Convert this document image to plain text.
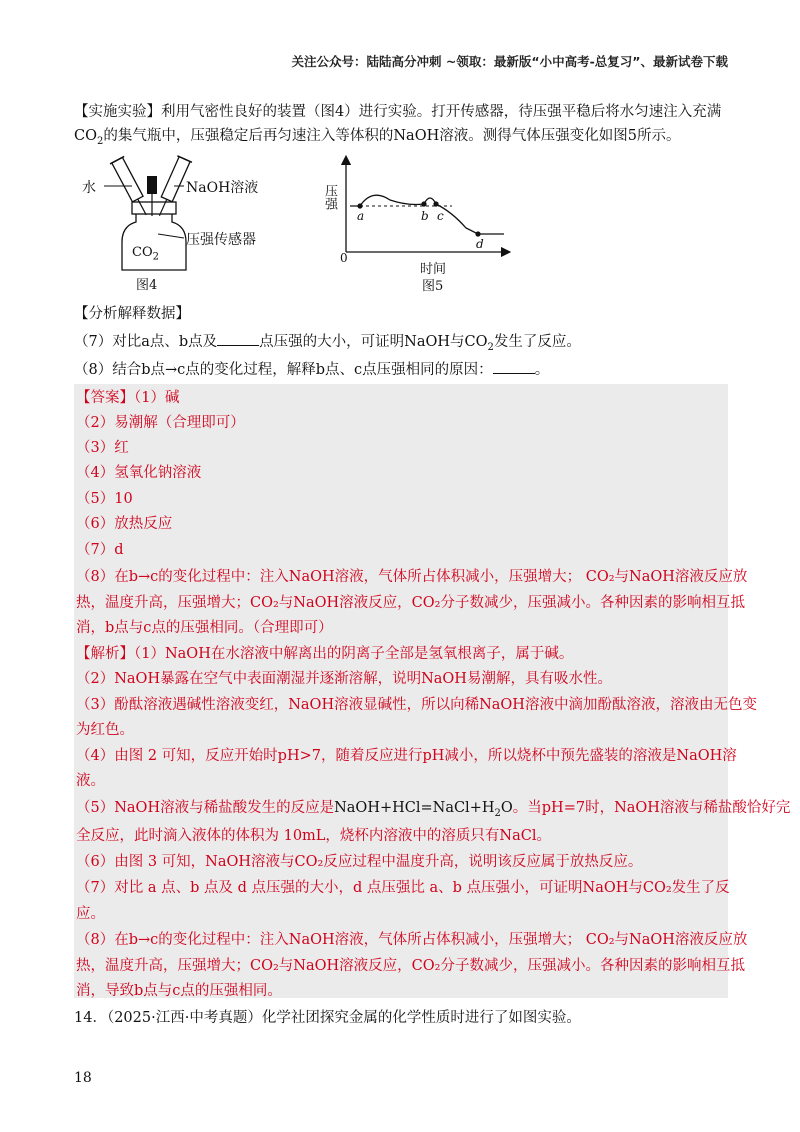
关注公众号：陆陆高分冲刺 ~领取：最新版“小中高考-总复习”、最新试卷下载
【实施实验】利用气密性良好的装置（图4）进行实验。打开传感器，待压强平稳后将水匀速注入充满
$CO_2$的集气瓶中，压强稳定后再匀速注入等体积的NaOH溶液。测得气体压强变化如图5所示。
水	NaOH溶液
压强传感器
$CO_2$
图4
压强
0
a	b c
d
时间
图5
【分析解释数据】
（7）对比a点、b点及	点压强的大小，可证明NaOH与$CO_2$发生了反应。
（8）结合b点→c点的变化过程，解释b点、c点压强相同的原因：	。
【答案】（1）碱
（2）易潮解（合理即可）
（3）红
（4）氢氧化钠溶液
（5）10
（6）放热反应
（7）d
（8）在b→c的变化过程中：注入NaOH溶液，气体所占体积减小，压强增大； CO₂与NaOH溶液反应放
热，温度升高，压强增大；CO₂与NaOH溶液反应，CO₂分子数减少，压强减小。各种因素的影响相互抵
消，b点与c点的压强相同。（合理即可）
【解析】（1）NaOH在水溶液中解离出的阴离子全部是氢氧根离子，属于碱。
（2）NaOH暴露在空气中表面潮湿并逐渐溶解，说明NaOH易潮解，具有吸水性。
（3）酚酞溶液遇碱性溶液变红，NaOH溶液显碱性，所以向稀NaOH溶液中滴加酚酞溶液，溶液由无色变
为红色。
（4）由图 2 可知，反应开始时pH>7，随着反应进行pH减小，所以烧杯中预先盛装的溶液是NaOH溶
液。
（5）NaOH溶液与稀盐酸发生的反应是$NaOH+HCl=NaCl+H_2O$。当pH=7时，NaOH溶液与稀盐酸恰好完
全反应，此时滴入液体的体积为 10mL，烧杯内溶液中的溶质只有NaCl。
（6）由图 3 可知，NaOH溶液与CO₂反应过程中温度升高，说明该反应属于放热反应。
（7）对比 a 点、b 点及 d 点压强的大小，d 点压强比 a、b 点压强小，可证明NaOH与CO₂发生了反
应。
（8）在b→c的变化过程中：注入NaOH溶液，气体所占体积减小，压强增大； CO₂与NaOH溶液反应放
热，温度升高，压强增大；CO₂与NaOH溶液反应，CO₂分子数减少，压强减小。各种因素的影响相互抵
消，导致b点与c点的压强相同。
14．（2025·江西·中考真题）化学社团探究金属的化学性质时进行了如图实验。
18
